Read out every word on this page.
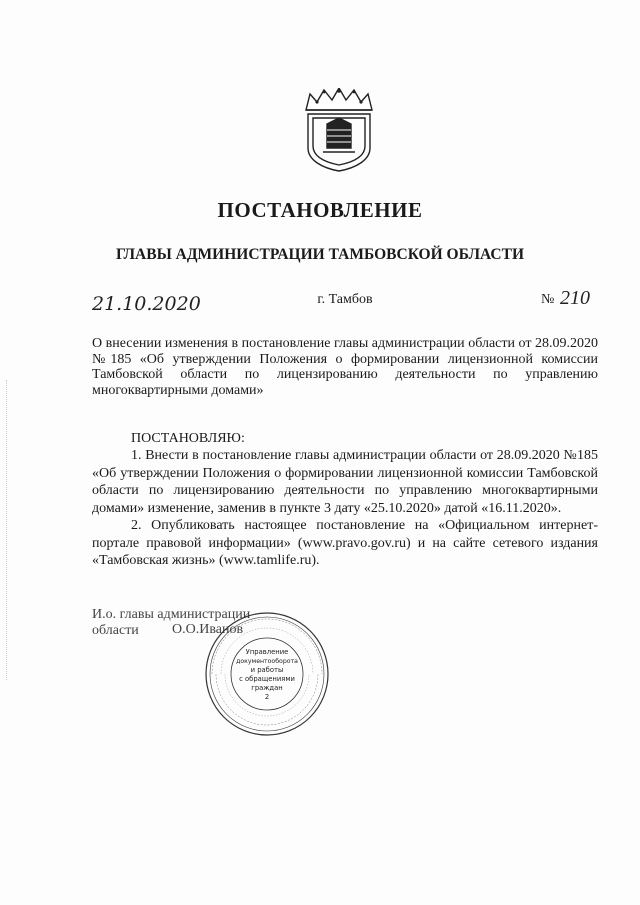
ПОСТАНОВЛЕНИЕ
ГЛАВЫ АДМИНИСТРАЦИИ ТАМБОВСКОЙ ОБЛАСТИ
21.10.2020	г. Тамбов	№ 210
О внесении изменения в постановление главы администрации области от 28.09.2020 №185 «Об утверждении Положения о формировании лицензионной комиссии Тамбовской области по лицензированию деятельности по управлению многоквартирными домами»
ПОСТАНОВЛЯЮ:

1. Внести в постановление главы администрации области от 28.09.2020 №185 «Об утверждении Положения о формировании лицензионной комиссии Тамбовской области по лицензированию деятельности по управлению многоквартирными домами» изменение, заменив в пункте 3 дату «25.10.2020» датой «16.11.2020».

2. Опубликовать настоящее постановление на «Официальном интернет-портале правовой информации» (www.pravo.gov.ru) и на сайте сетевого издания «Тамбовская жизнь» (www.tamlife.ru).

И.о. главы администрации
области	О.О.Иванов
Управление
документооборота
и работы
с обращениями
граждан
2
